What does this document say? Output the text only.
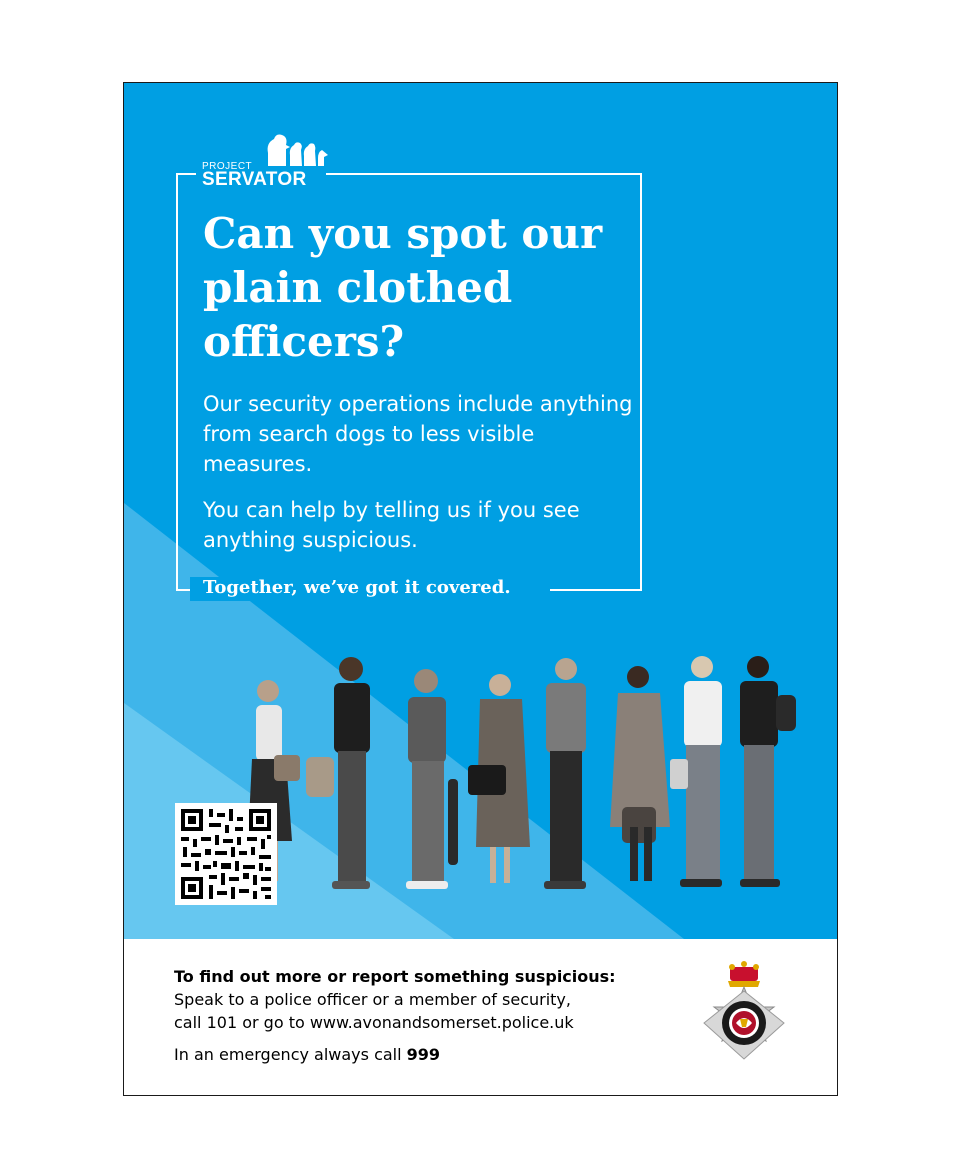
PROJECT
SERVATOR
Can you spot our plain clothed officers?

Our security operations include anything from search dogs to less visible measures.

You can help by telling us if you see anything suspicious.

Together, we’ve got it covered.
To find out more or report something suspicious:
Speak to a police officer or a member of security,
call 101 or go to www.avonandsomerset.police.uk
In an emergency always call 999
